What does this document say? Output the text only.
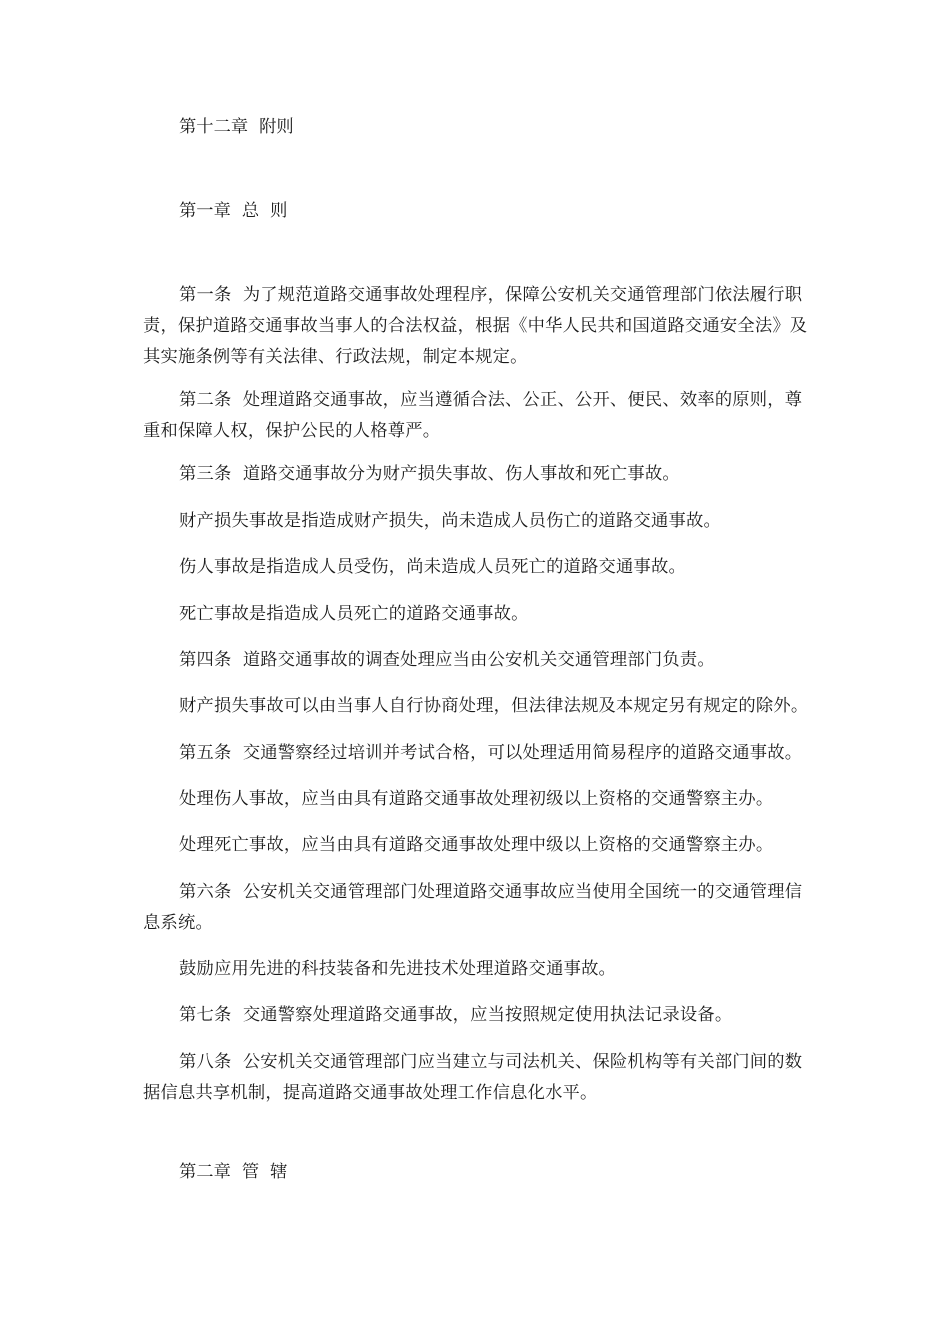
第十二章  附则

第一章  总  则

第一条  为了规范道路交通事故处理程序，保障公安机关交通管理部门依法履行职责，保护道路交通事故当事人的合法权益，根据《中华人民共和国道路交通安全法》及其实施条例等有关法律、行政法规，制定本规定。

第二条  处理道路交通事故，应当遵循合法、公正、公开、便民、效率的原则，尊重和保障人权，保护公民的人格尊严。

第三条  道路交通事故分为财产损失事故、伤人事故和死亡事故。

财产损失事故是指造成财产损失，尚未造成人员伤亡的道路交通事故。

伤人事故是指造成人员受伤，尚未造成人员死亡的道路交通事故。

死亡事故是指造成人员死亡的道路交通事故。

第四条  道路交通事故的调查处理应当由公安机关交通管理部门负责。

财产损失事故可以由当事人自行协商处理，但法律法规及本规定另有规定的除外。

第五条  交通警察经过培训并考试合格，可以处理适用简易程序的道路交通事故。

处理伤人事故，应当由具有道路交通事故处理初级以上资格的交通警察主办。

处理死亡事故，应当由具有道路交通事故处理中级以上资格的交通警察主办。

第六条  公安机关交通管理部门处理道路交通事故应当使用全国统一的交通管理信息系统。

鼓励应用先进的科技装备和先进技术处理道路交通事故。

第七条  交通警察处理道路交通事故，应当按照规定使用执法记录设备。

第八条  公安机关交通管理部门应当建立与司法机关、保险机构等有关部门间的数据信息共享机制，提高道路交通事故处理工作信息化水平。

第二章  管  辖
